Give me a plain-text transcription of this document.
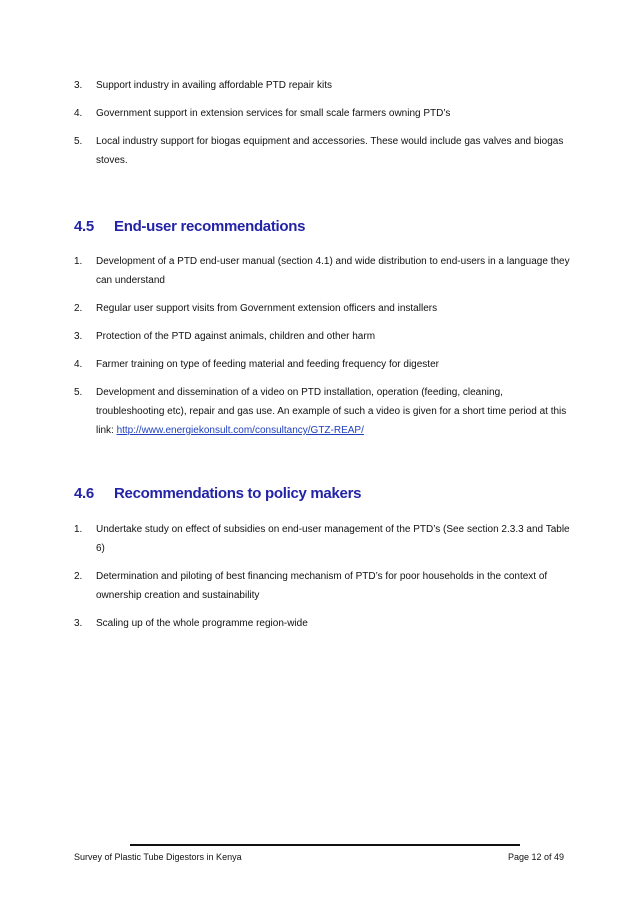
3. Support industry in availing affordable PTD repair kits
4. Government support in extension services for small scale farmers owning PTD’s
5. Local industry support for biogas equipment and accessories. These would include gas valves and biogas stoves.
4.5 End-user recommendations
1. Development of a PTD end-user manual (section 4.1) and wide distribution to end-users in a language they can understand
2. Regular user support visits from Government extension officers and installers
3. Protection of the PTD against animals, children and other harm
4. Farmer training on type of feeding material and feeding frequency for digester
5. Development and dissemination of a video on PTD installation, operation (feeding, cleaning, troubleshooting etc), repair and gas use. An example of such a video is given for a short time period at this link: http://www.energiekonsult.com/consultancy/GTZ-REAP/
4.6 Recommendations to policy makers
1. Undertake study on effect of subsidies on end-user management of the PTD’s (See section 2.3.3 and Table 6)
2. Determination and piloting of best financing mechanism of PTD’s for poor households in the context of ownership creation and sustainability
3. Scaling up of the whole programme region-wide
Survey of Plastic Tube Digestors in Kenya	Page 12 of 49
